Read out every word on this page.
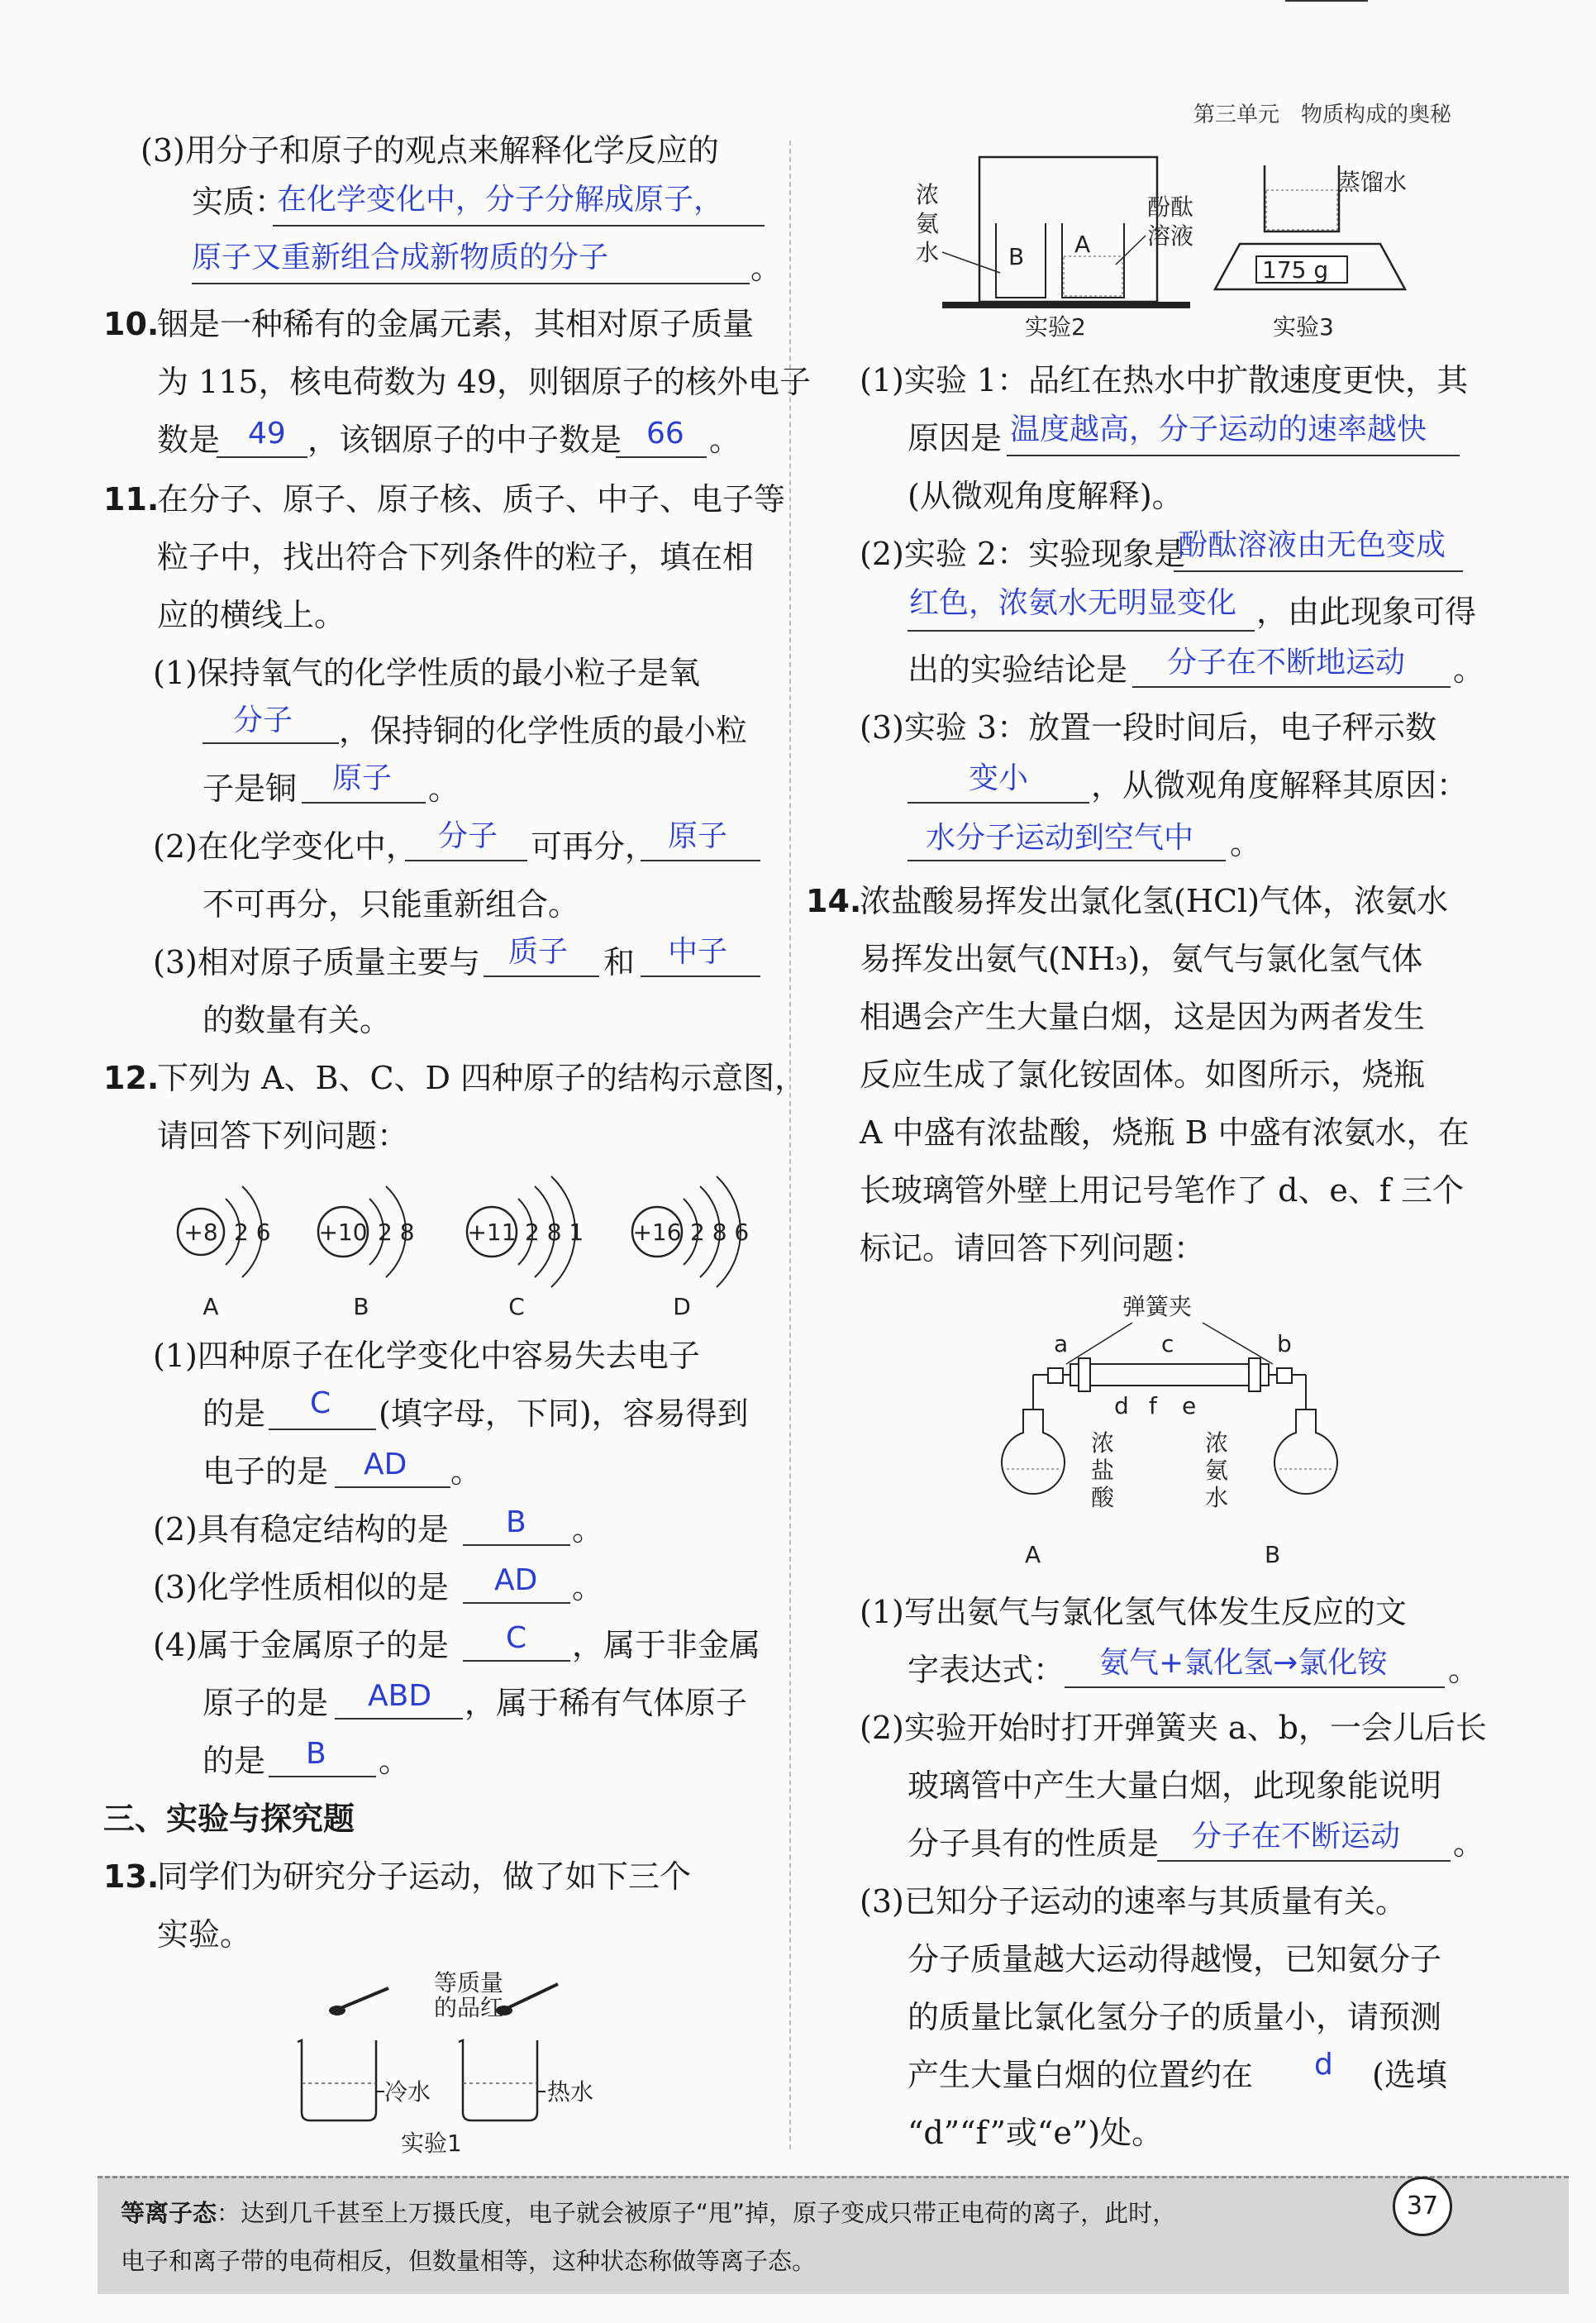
第三单元　物质构成的奥秘
(3)用分子和原子的观点来解释化学反应的
实质：
在化学变化中，分子分解成原子，
原子又重新组合成新物质的分子	。
10.
铟是一种稀有的金属元素，其相对原子质量
为 115，核电荷数为 49，则铟原子的核外电子
数是 49 ，该铟原子的中子数是 66 。
11.
在分子、原子、原子核、质子、中子、电子等
粒子中，找出符合下列条件的粒子，填在相
应的横线上。
(1)保持氧气的化学性质的最小粒子是氧
分子 ，保持铜的化学性质的最小粒
子是铜 原子 。
(2)在化学变化中， 分子 可再分， 原子
不可再分，只能重新组合。
(3)相对原子质量主要与 质子 和 中子
的数量有关。
12.
下列为 A、B、C、D 四种原子的结构示意图，
请回答下列问题：
+8 2 6
A
+10 2 8
B
+11 2 8 1
C
+16 2 8 6
D
(1)四种原子在化学变化中容易失去电子
的是 C (填字母，下同)，容易得到
电子的是 AD 。
(2)具有稳定结构的是 B 。
(3)化学性质相似的是 AD 。
(4)属于金属原子的是 C ，属于非金属
原子的是 ABD ，属于稀有气体原子
的是 B 。
三、实验与探究题
13.
同学们为研究分子运动，做了如下三个
实验。
等质量
的品红
冷水	热水
实验1
B A
浓
氨
水
酚酞
溶液
实验2
175 g
蒸馏水
实验3
(1)实验 1：品红在热水中扩散速度更快，其
原因是 温度越高，分子运动的速率越快
(从微观角度解释)。
(2)实验 2：实验现象是
酚酞溶液由无色变成
红色，浓氨水无明显变化 ，由此现象可得
出的实验结论是 分子在不断地运动 。
(3)实验 3：放置一段时间后，电子秤示数
变小 ，从微观角度解释其原因：
水分子运动到空气中 。
14.
浓盐酸易挥发出氯化氢(HCl)气体，浓氨水
易挥发出氨气(NH₃)，氨气与氯化氢气体
相遇会产生大量白烟，这是因为两者发生
反应生成了氯化铵固体。如图所示，烧瓶
A 中盛有浓盐酸，烧瓶 B 中盛有浓氨水，在
长玻璃管外壁上用记号笔作了 d、e、f 三个
标记。请回答下列问题：
弹簧夹
a	c	b
d f e
浓
盐
酸
浓
氨
水
A	B
(1)写出氨气与氯化氢气体发生反应的文
字表达式： 氨气+氯化氢→氯化铵 。
(2)实验开始时打开弹簧夹 a、b，一会儿后长
玻璃管中产生大量白烟，此现象能说明
分子具有的性质是 分子在不断运动 。
(3)已知分子运动的速率与其质量有关。
分子质量越大运动得越慢，已知氨分子
的质量比氯化氢分子的质量小，请预测
产生大量白烟的位置约在 d (选填
“d”“f”或“e”)处。
等离子态：达到几千甚至上万摄氏度，电子就会被原子“甩”掉，原子变成只带正电荷的离子，此时，
电子和离子带的电荷相反，但数量相等，这种状态称做等离子态。
37
